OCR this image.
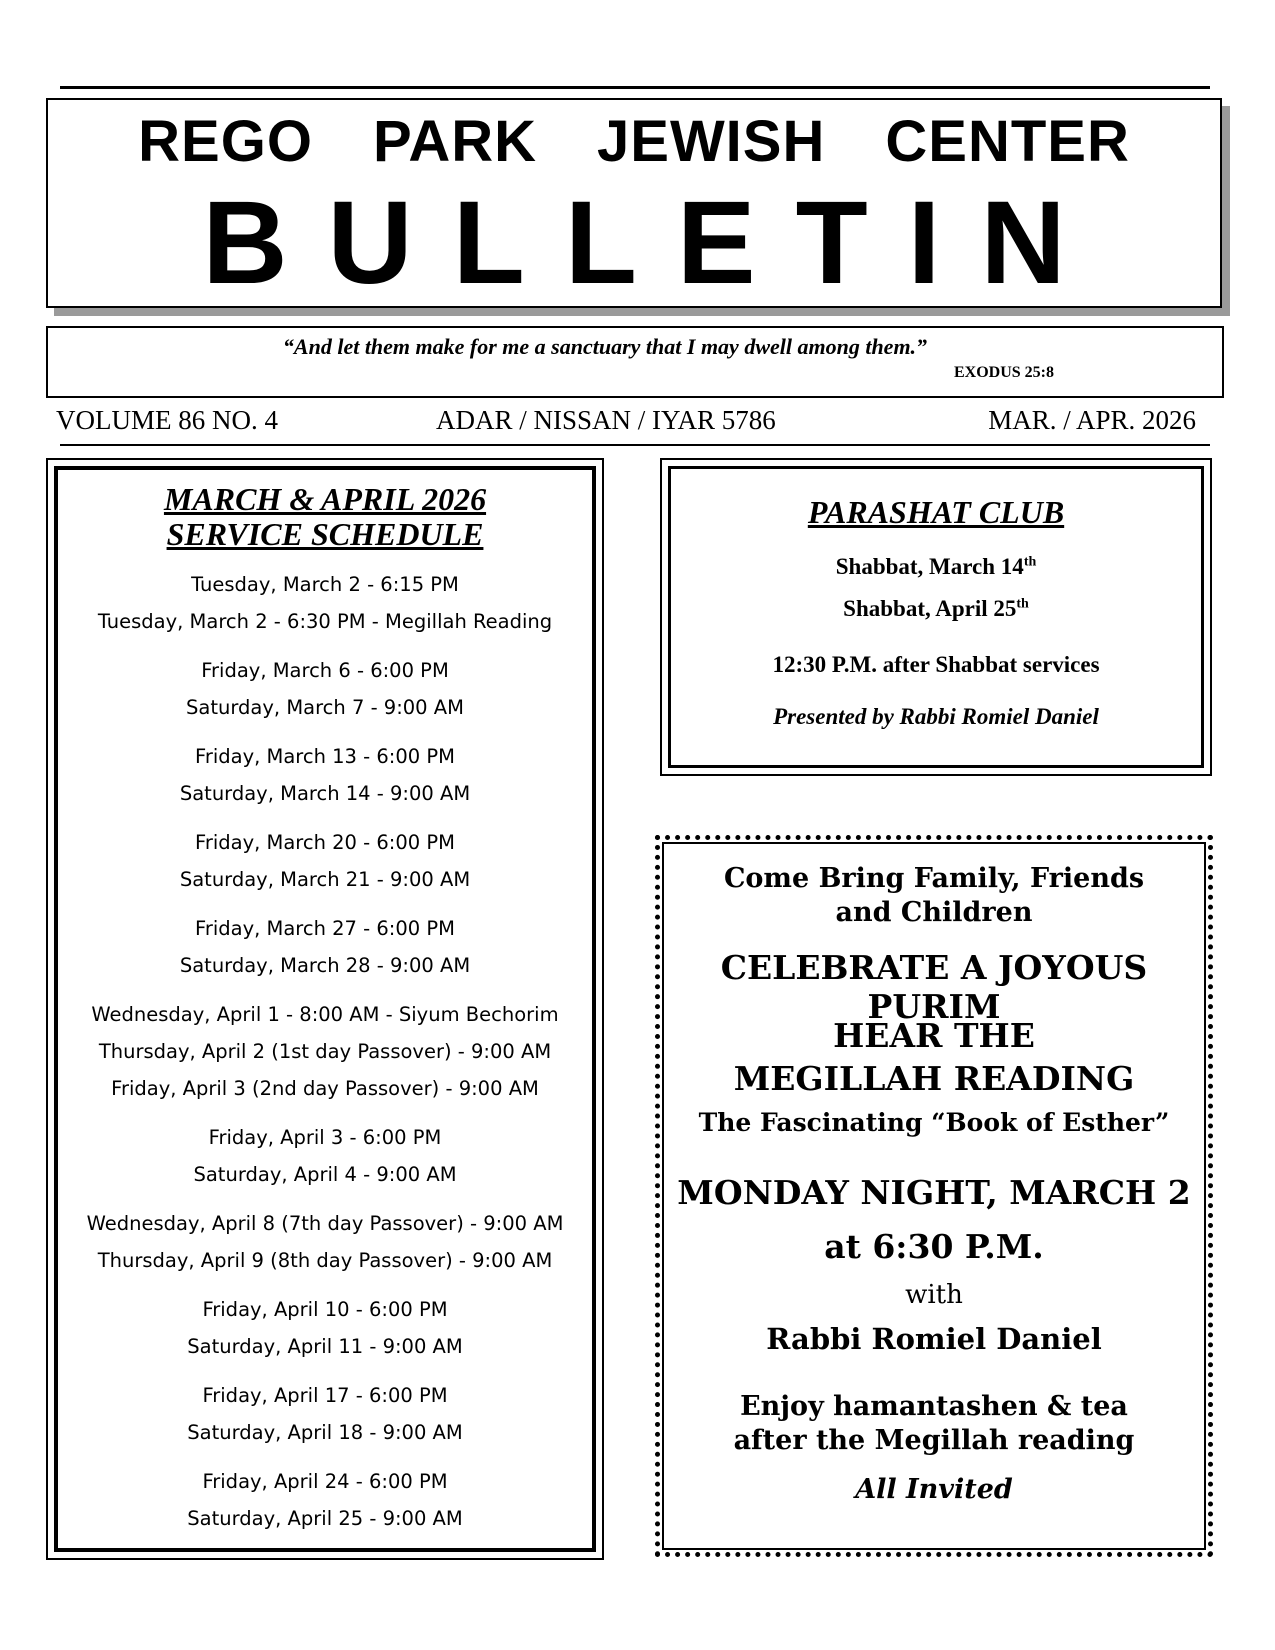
REGO PARK JEWISH CENTER
BULLETIN
“And let them make for me a sanctuary that I may dwell among them.”
EXODUS 25:8
VOLUME 86 NO. 4	ADAR / NISSAN / IYAR 5786	MAR. / APR. 2026
MARCH & APRIL 2026
SERVICE SCHEDULE
Tuesday, March 2 - 6:15 PM
Tuesday, March 2 - 6:30 PM - Megillah Reading
Friday, March 6 - 6:00 PM
Saturday, March 7 - 9:00 AM
Friday, March 13 - 6:00 PM
Saturday, March 14 - 9:00 AM
Friday, March 20 - 6:00 PM
Saturday, March 21 - 9:00 AM
Friday, March 27 - 6:00 PM
Saturday, March 28 - 9:00 AM
Wednesday, April 1 - 8:00 AM - Siyum Bechorim
Thursday, April 2 (1st day Passover) - 9:00 AM
Friday, April 3 (2nd day Passover) - 9:00 AM
Friday, April 3 - 6:00 PM
Saturday, April 4 - 9:00 AM
Wednesday, April 8 (7th day Passover) - 9:00 AM
Thursday, April 9 (8th day Passover) - 9:00 AM
Friday, April 10 - 6:00 PM
Saturday, April 11 - 9:00 AM
Friday, April 17 - 6:00 PM
Saturday, April 18 - 9:00 AM
Friday, April 24 - 6:00 PM
Saturday, April 25 - 9:00 AM
PARASHAT CLUB
Shabbat, March 14th
Shabbat, April 25th
12:30 P.M. after Shabbat services
Presented by Rabbi Romiel Daniel
Come Bring Family, Friends
and Children
CELEBRATE A JOYOUS PURIM
HEAR THE
MEGILLAH READING
The Fascinating “Book of Esther”
MONDAY NIGHT, MARCH 2
at 6:30 P.M.
with
Rabbi Romiel Daniel
Enjoy hamantashen & tea
after the Megillah reading
All Invited
